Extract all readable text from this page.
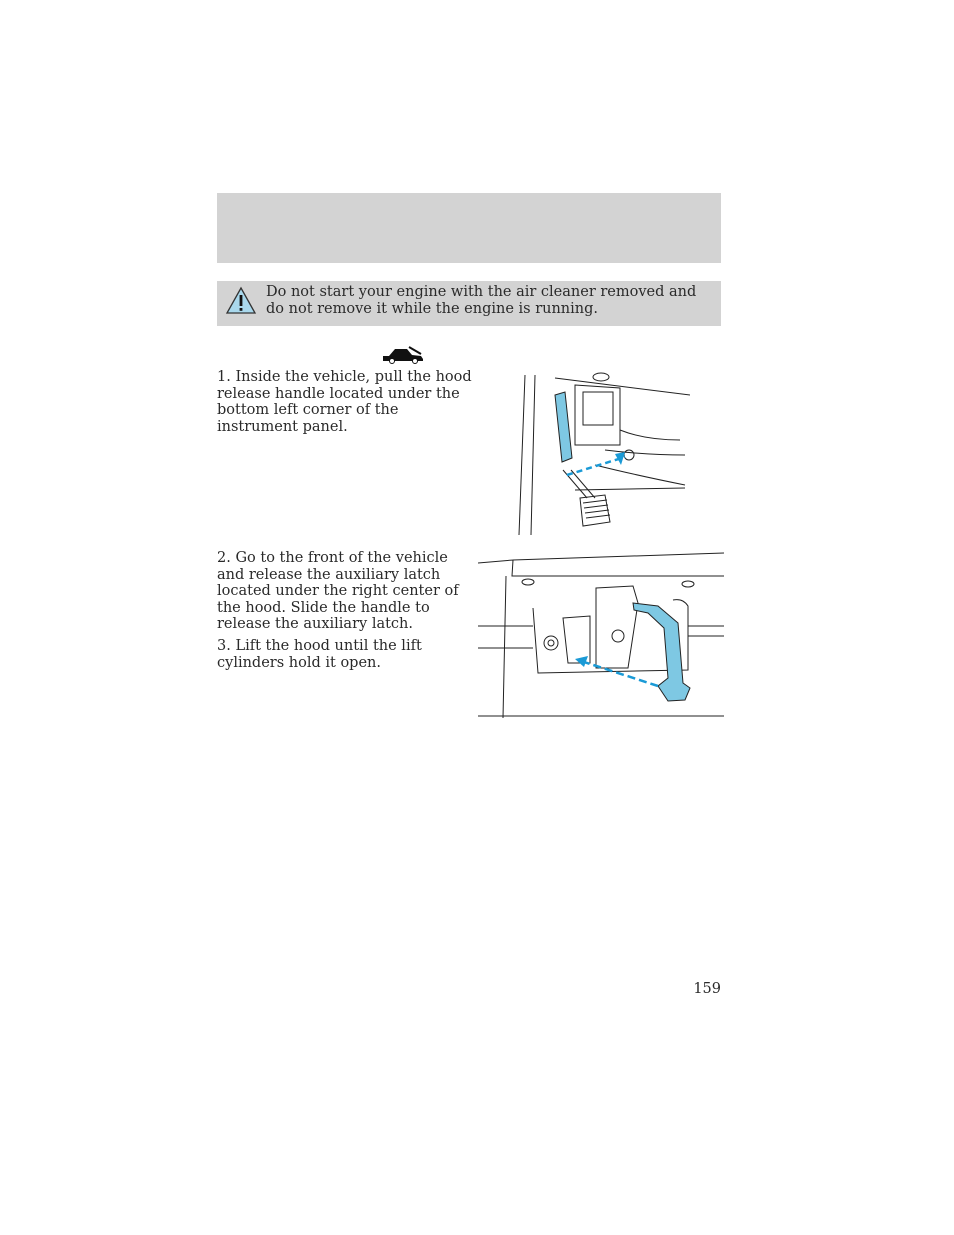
Do not start your engine with the air cleaner removed and do not remove it while the engine is running.

1. Inside the vehicle, pull the hood release handle located under the bottom left corner of the instrument panel.

2. Go to the front of the vehicle and release the auxiliary latch located under the right center of the hood. Slide the handle to release the auxiliary latch.

3. Lift the hood until the lift cylinders hold it open.

159
